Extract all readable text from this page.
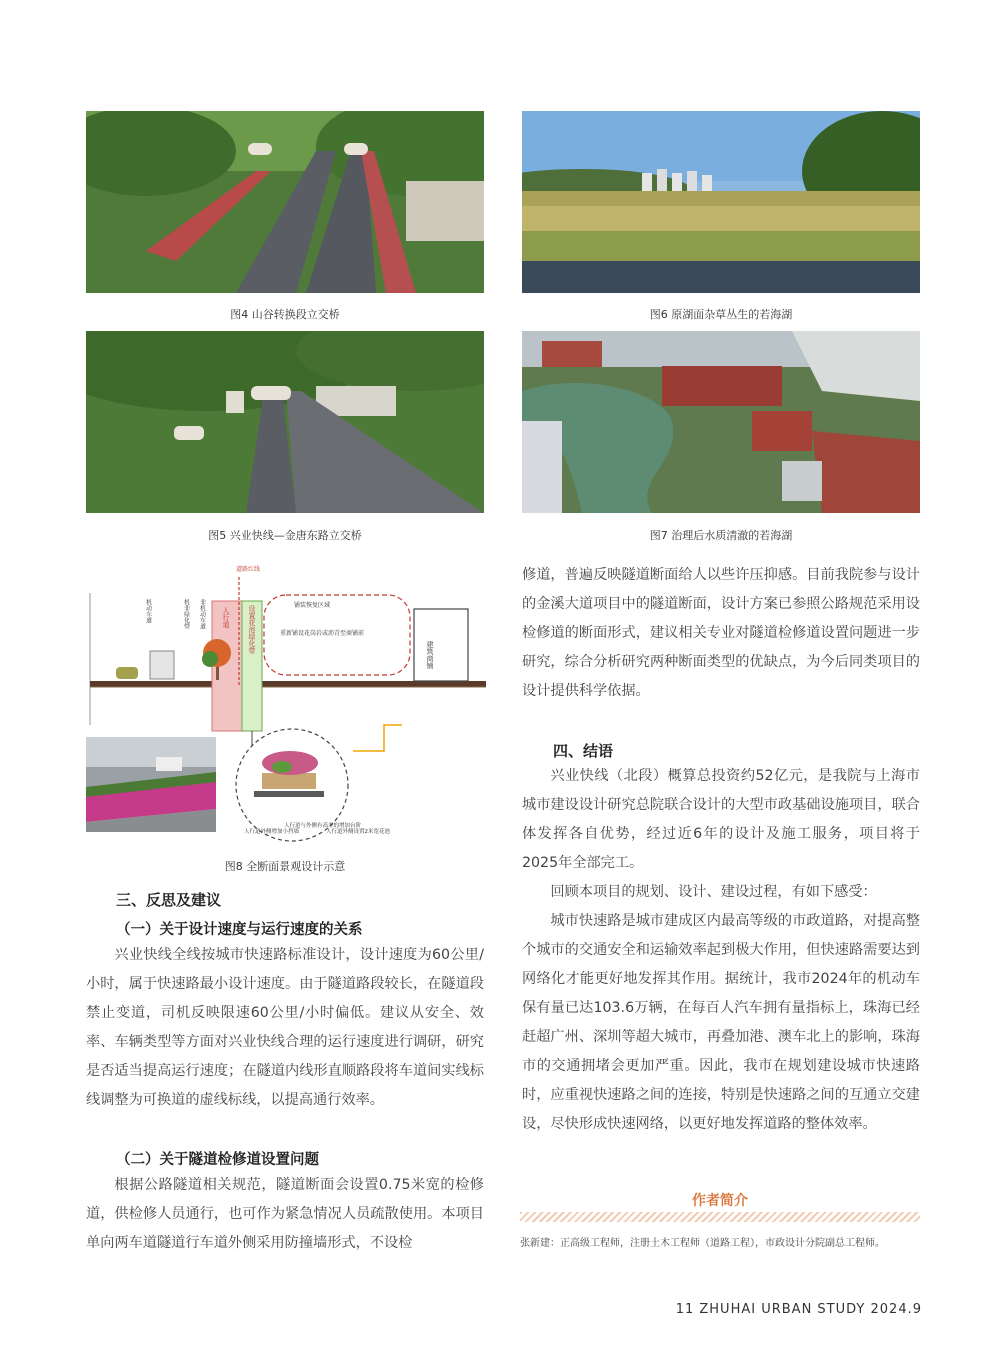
图4 山谷转换段立交桥
图5 兴业快线—金唐东路立交桥
图6 原湖面杂草丛生的若海湖
图7 治理后水质清澈的若海湖
道路红线
铺装恢复区域
重新铺设花岗岩或沥青至商铺前
建筑商铺
机动车道	机非绿化带 非机动车道 人行道	设置花池绿化带
人行道外侧增加小挡墙
人行道与外侧有高差的增加台阶
人行道外侧设置2米宽花池
图8 全断面景观设计示意
三、反思及建议
（一）关于设计速度与运行速度的关系

兴业快线全线按城市快速路标准设计，设计速度为60公里/小时，属于快速路最小设计速度。由于隧道路段较长，在隧道段禁止变道，司机反映限速60公里/小时偏低。建议从安全、效率、车辆类型等方面对兴业快线合理的运行速度进行调研，研究是否适当提高运行速度；在隧道内线形直顺路段将车道间实线标线调整为可换道的虚线标线，以提高通行效率。

（二）关于隧道检修道设置问题

根据公路隧道相关规范，隧道断面会设置0.75米宽的检修道，供检修人员通行，也可作为紧急情况人员疏散使用。本项目单向两车道隧道行车道外侧采用防撞墙形式，不设检

修道，普遍反映隧道断面给人以些许压抑感。目前我院参与设计的金溪大道项目中的隧道断面，设计方案已参照公路规范采用设检修道的断面形式，建议相关专业对隧道检修道设置问题进一步研究，综合分析研究两种断面类型的优缺点，为今后同类项目的设计提供科学依据。

四、结语

兴业快线（北段）概算总投资约52亿元，是我院与上海市城市建设设计研究总院联合设计的大型市政基础设施项目，联合体发挥各自优势，经过近6年的设计及施工服务，项目将于2025年全部完工。

回顾本项目的规划、设计、建设过程，有如下感受：

城市快速路是城市建成区内最高等级的市政道路，对提高整个城市的交通安全和运输效率起到极大作用，但快速路需要达到网络化才能更好地发挥其作用。据统计，我市2024年的机动车保有量已达103.6万辆，在每百人汽车拥有量指标上，珠海已经赶超广州、深圳等超大城市，再叠加港、澳车北上的影响，珠海市的交通拥堵会更加严重。因此，我市在规划建设城市快速路时，应重视快速路之间的连接，特别是快速路之间的互通立交建设，尽快形成快速网络，以更好地发挥道路的整体效率。

作者简介
张新建：正高级工程师，注册土木工程师（道路工程），市政设计分院副总工程师。
11 ZHUHAI URBAN STUDY 2024.9
